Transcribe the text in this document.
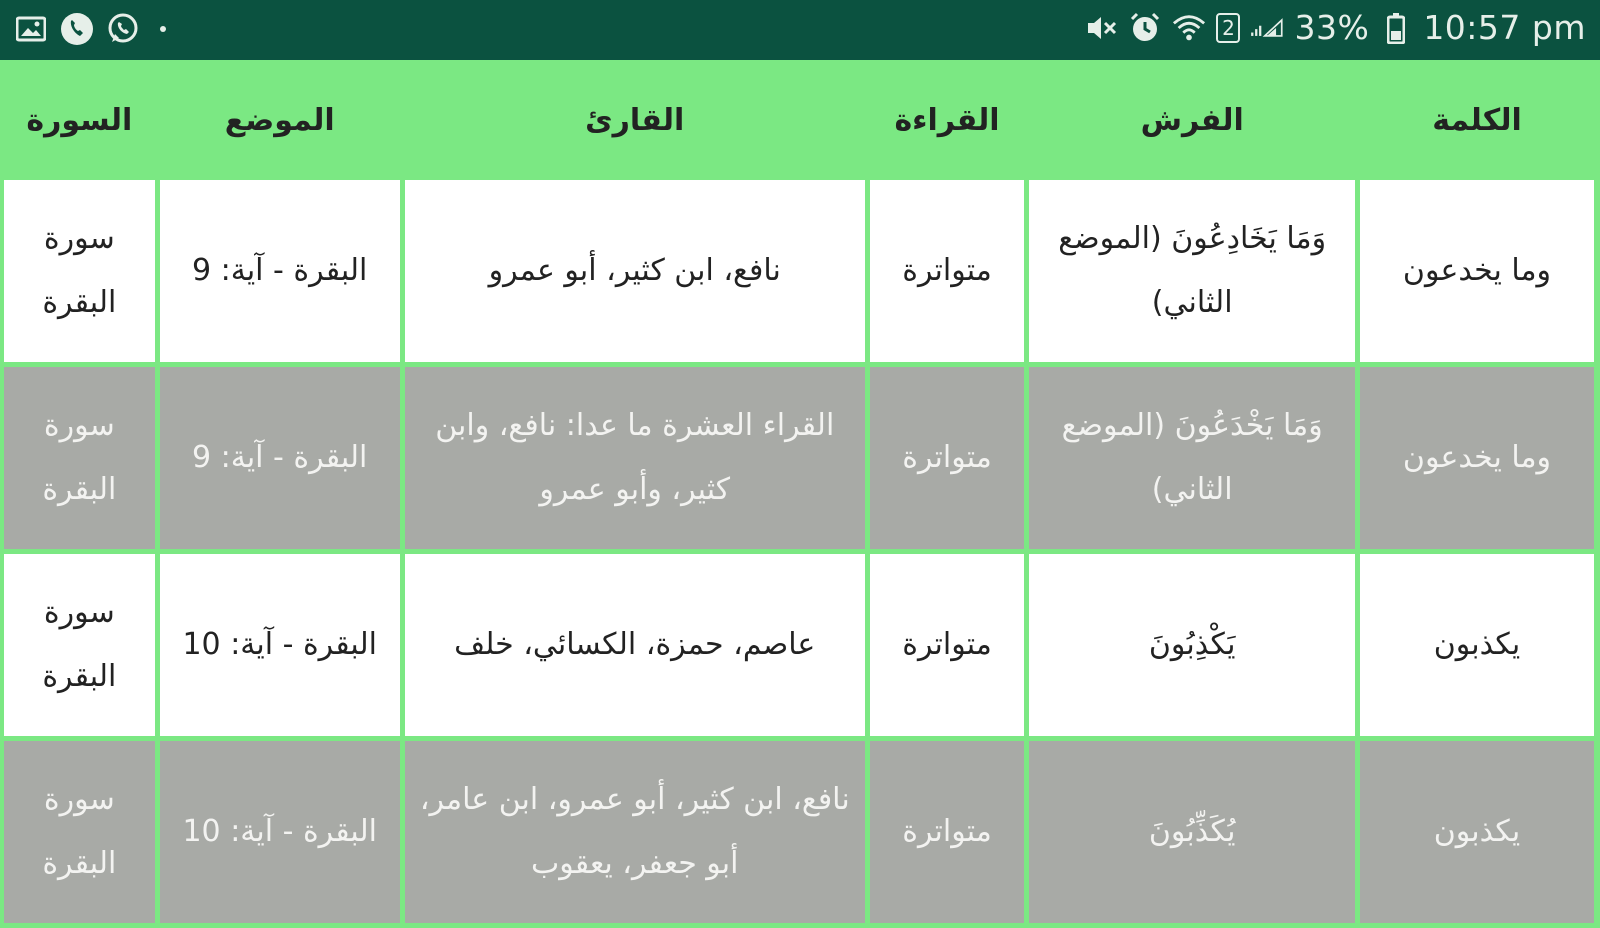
2 33% 10:57 pm
الكلمة	الفرش	القراءة	القارئ	الموضع	السورة

وما يخدعون	وَمَا يَخَادِعُونَ (الموضع الثاني)	متواترة	نافع، ابن كثير، أبو عمرو	البقرة - آية: 9	سورة البقرة

وما يخدعون	وَمَا يَخْدَعُونَ (الموضع الثاني)	متواترة	القراء العشرة ما عدا: نافع، وابن كثير، وأبو عمرو	البقرة - آية: 9	سورة البقرة

يكذبون	يَكْذِبُونَ	متواترة	عاصم، حمزة، الكسائي، خلف	البقرة - آية: 10	سورة البقرة

يكذبون	يُكَذِّبُونَ	متواترة	نافع، ابن كثير، أبو عمرو، ابن عامر، أبو جعفر، يعقوب	البقرة - آية: 10	سورة البقرة
